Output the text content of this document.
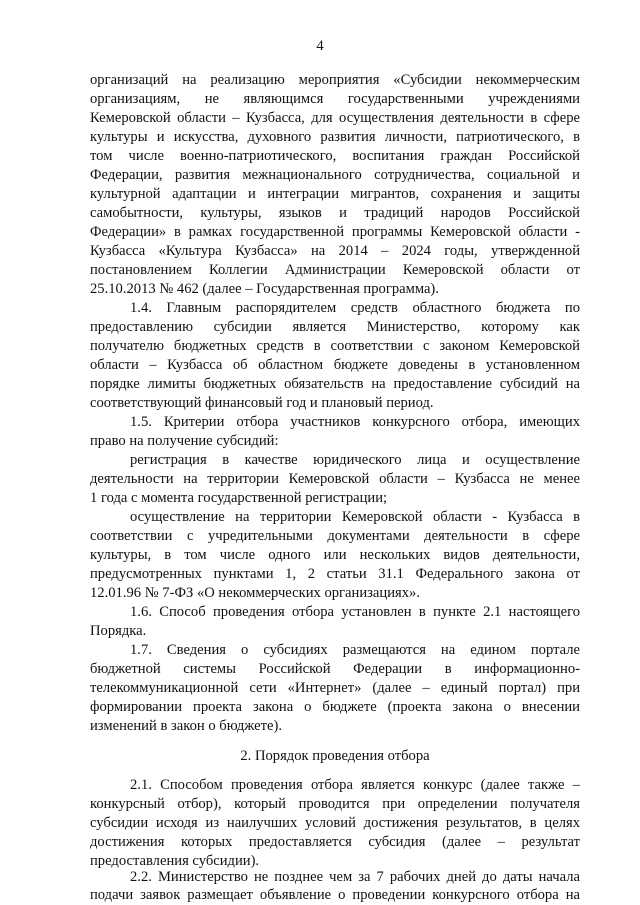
4
организаций на реализацию мероприятия «Субсидии некоммерческим
организациям, не являющимся государственными учреждениями
Кемеровской области – Кузбасса, для осуществления деятельности в сфере
культуры и искусства, духовного развития личности, патриотического, в
том числе военно-патриотического, воспитания граждан Российской
Федерации, развития межнационального сотрудничества, социальной и
культурной адаптации и интеграции мигрантов, сохранения и защиты
самобытности, культуры, языков и традиций народов Российской
Федерации» в рамках государственной программы Кемеровской области -
Кузбасса «Культура Кузбасса» на 2014 – 2024 годы, утвержденной
постановлением Коллегии Администрации Кемеровской области от
25.10.2013 № 462 (далее – Государственная программа).
1.4. Главным распорядителем средств областного бюджета по
предоставлению субсидии является Министерство, которому как
получателю бюджетных средств в соответствии с законом Кемеровской
области – Кузбасса об областном бюджете доведены в установленном
порядке лимиты бюджетных обязательств на предоставление субсидий на
соответствующий финансовый год и плановый период.
1.5. Критерии отбора участников конкурсного отбора, имеющих
право на получение субсидий:
регистрация в качестве юридического лица и осуществление
деятельности на территории Кемеровской области – Кузбасса не менее
1 года с момента государственной регистрации;
осуществление на территории Кемеровской области - Кузбасса в
соответствии с учредительными документами деятельности в сфере
культуры, в том числе одного или нескольких видов деятельности,
предусмотренных пунктами 1, 2 статьи 31.1 Федерального закона от
12.01.96 № 7-ФЗ «О некоммерческих организациях».
1.6. Способ проведения отбора установлен в пункте 2.1 настоящего
Порядка.
1.7. Сведения о субсидиях размещаются на едином портале
бюджетной системы Российской Федерации в информационно-
телекоммуникационной сети «Интернет» (далее – единый портал) при
формировании проекта закона о бюджете (проекта закона о внесении
изменений в закон о бюджете).
2. Порядок проведения отбора
2.1. Способом проведения отбора является конкурс (далее также –
конкурсный отбор), который проводится при определении получателя
субсидии исходя из наилучших условий достижения результатов, в целях
достижения которых предоставляется субсидия (далее – результат
предоставления субсидии).
2.2. Министерство не позднее чем за 7 рабочих дней до даты начала
подачи заявок размещает объявление о проведении конкурсного отбора на
